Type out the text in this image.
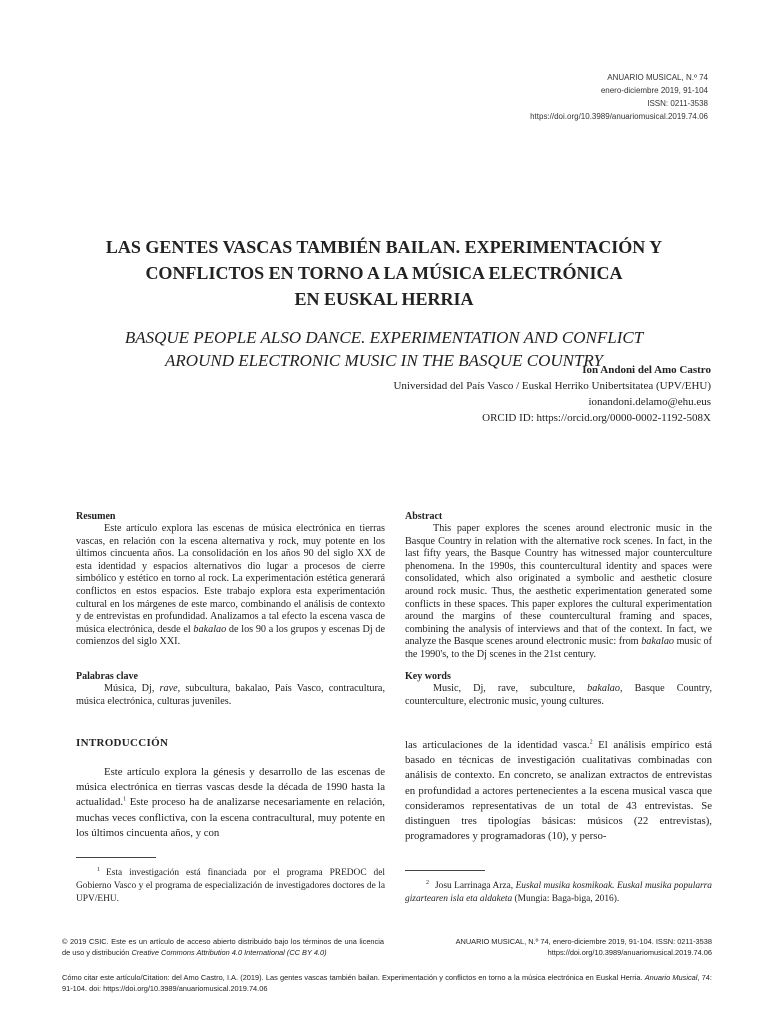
ANUARIO MUSICAL, N.º 74
enero-diciembre 2019, 91-104
ISSN: 0211-3538
https://doi.org/10.3989/anuariomusical.2019.74.06
LAS GENTES VASCAS TAMBIÉN BAILAN. EXPERIMENTACIÓN Y
CONFLICTOS EN TORNO A LA MÚSICA ELECTRÓNICA
EN EUSKAL HERRIA
BASQUE PEOPLE ALSO DANCE. EXPERIMENTATION AND CONFLICT
AROUND ELECTRONIC MUSIC IN THE BASQUE COUNTRY
Ion Andoni del Amo Castro
Universidad del País Vasco / Euskal Herriko Unibertsitatea (UPV/EHU)
ionandoni.delamo@ehu.eus
ORCID ID: https://orcid.org/0000-0002-1192-508X
Resumen

Este artículo explora las escenas de música electrónica en tierras vascas, en relación con la escena alternativa y rock, muy potente en los últimos cincuenta años. La consolidación en los años 90 del siglo XX de esta identidad y espacios alternativos dio lugar a procesos de cierre simbólico y estético en torno al rock. La experimentación estética generará conflictos en estos espacios. Este trabajo explora esta experimentación cultural en los márgenes de este marco, combinando el análisis de contexto y de entrevistas en profundidad. Analizamos a tal efecto la escena vasca de música electrónica, desde el bakalao de los 90 a los grupos y escenas Dj de comienzos del siglo XXI.

Abstract

This paper explores the scenes around electronic music in the Basque Country in relation with the alternative rock scenes. In fact, in the last fifty years, the Basque Country has witnessed major counterculture phenomena. In the 1990s, this countercultural identity and spaces were consolidated, which also originated a symbolic and aesthetic closure around rock music. Thus, the aesthetic experimentation generated some conflicts in these spaces. This paper explores the cultural experimentation around the margins of these countercultural framing and spaces, combining the analysis of interviews and that of the context. In fact, we analyze the Basque scenes around electronic music: from bakalao music of the 1990's, to the Dj scenes in the 21st century.

Palabras clave

Música, Dj, rave, subcultura, bakalao, País Vasco, contracultura, música electrónica, culturas juveniles.

Key words

Music, Dj, rave, subculture, bakalao, Basque Country, counterculture, electronic music, young cultures.

INTRODUCCIÓN

Este artículo explora la génesis y desarrollo de las escenas de música electrónica en tierras vascas desde la década de 1990 hasta la actualidad.$^1$ Este proceso ha de analizarse necesariamente en relación, muchas veces conflictiva, con la escena contracultural, muy potente en los últimos cincuenta años, y con

las articulaciones de la identidad vasca.$^2$ El análisis empírico está basado en técnicas de investigación cualitativas combinadas con análisis de contexto. En concreto, se analizan extractos de entrevistas en profundidad a actores pertenecientes a la escena musical vasca que consideramos representativas de un total de 43 entrevistas. Se distinguen tres tipologías básicas: músicos (22 entrevistas), programadores y programadoras (10), y perso-

$^1$ Esta investigación está financiada por el programa PREDOC del Gobierno Vasco y el programa de especialización de investigadores doctores de la UPV/EHU.
$^2$ Josu Larrinaga Arza, Euskal musika kosmikoak. Euskal musika popularra gizartearen isla eta aldaketa (Mungia: Baga-biga, 2016).
© 2019 CSIC. Este es un artículo de acceso abierto distribuido bajo los términos de una licencia de uso y distribución Creative Commons Attribution 4.0 International (CC BY 4.0)
ANUARIO MUSICAL, N.º 74, enero-diciembre 2019, 91-104. ISSN: 0211-3538
https://doi.org/10.3989/anuariomusical.2019.74.06
Cómo citar este artículo/Citation: del Amo Castro, I.A. (2019). Las gentes vascas también bailan. Experimentación y conflictos en torno a la música electrónica en Euskal Herria. Anuario Musical, 74: 91-104. doi: https://doi.org/10.3989/anuariomusical.2019.74.06
